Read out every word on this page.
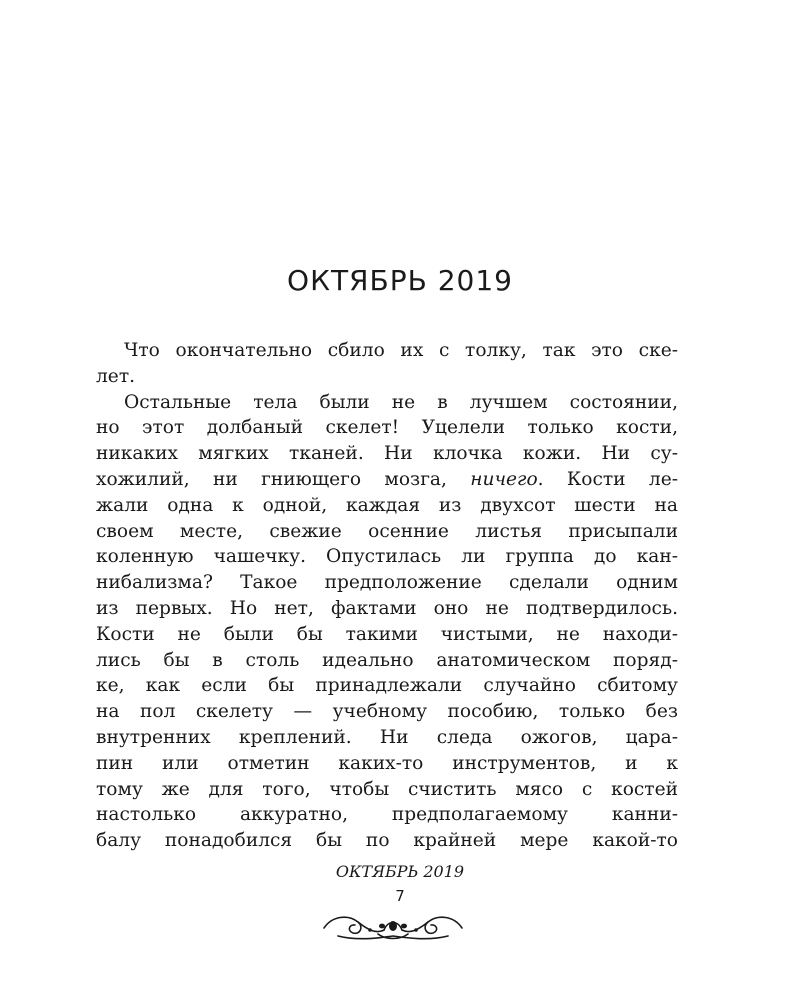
ОКТЯБРЬ 2019
Что окончательно сбило их с толку, так это ске-
лет.
Остальные тела были не в лучшем состоянии,
но этот долбаный скелет! Уцелели только кости,
никаких мягких тканей. Ни клочка кожи. Ни су-
хожилий, ни гниющего мозга, ничего. Кости ле-
жали одна к одной, каждая из двухсот шести на
своем месте, свежие осенние листья присыпали
коленную чашечку. Опустилась ли группа до кан-
нибализма? Такое предположение сделали одним
из первых. Но нет, фактами оно не подтвердилось.
Кости не были бы такими чистыми, не находи-
лись бы в столь идеально анатомическом поряд-
ке, как если бы принадлежали случайно сбитому
на пол скелету — учебному пособию, только без
внутренних креплений. Ни следа ожогов, цара-
пин или отметин каких-то инструментов, и к
тому же для того, чтобы счистить мясо с костей
настолько аккуратно, предполагаемому канни-
балу понадобился бы по крайней мере какой-то
ОКТЯБРЬ 2019
7
